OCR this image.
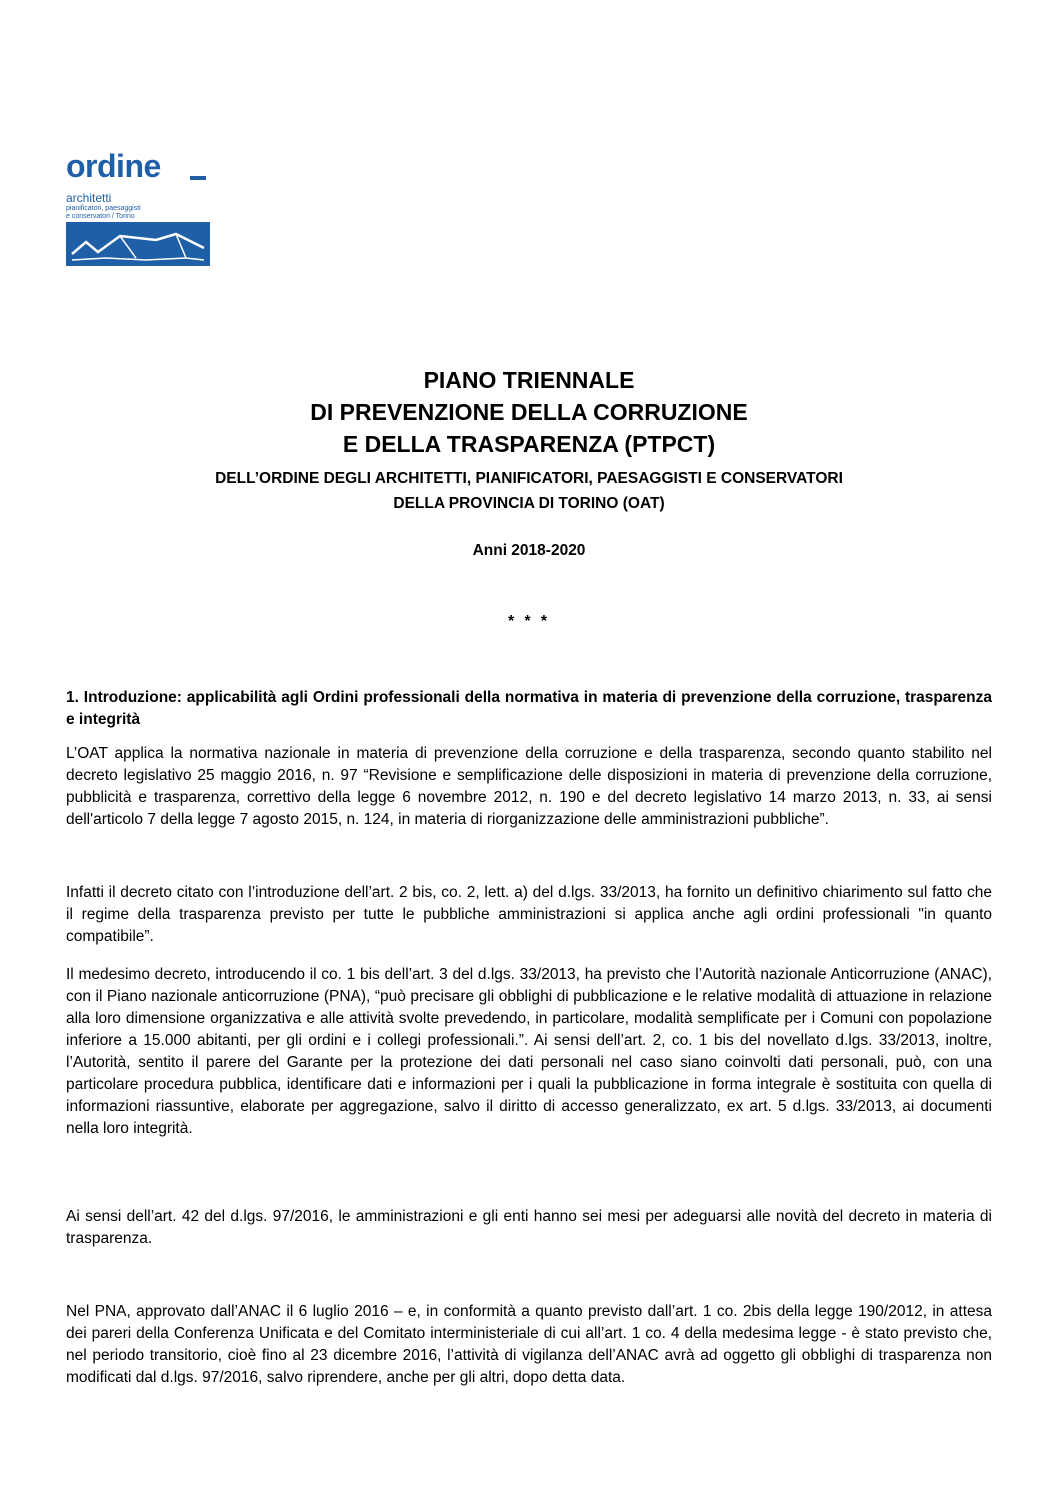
ordine
architetti
pianificatori, paesaggisti
e conservatori / Torino
PIANO TRIENNALE
DI PREVENZIONE DELLA CORRUZIONE
E DELLA TRASPARENZA (PTPCT)
DELL’ORDINE DEGLI ARCHITETTI, PIANIFICATORI, PAESAGGISTI E CONSERVATORI
DELLA PROVINCIA DI TORINO (OAT)
Anni 2018-2020
* * *
1. Introduzione: applicabilità agli Ordini professionali della normativa in materia di prevenzione della corruzione, trasparenza e integrità

L’OAT applica la normativa nazionale in materia di prevenzione della corruzione e della trasparenza, secondo quanto stabilito nel decreto legislativo 25 maggio 2016, n. 97 “Revisione e semplificazione delle disposizioni in materia di prevenzione della corruzione, pubblicità e trasparenza, correttivo della legge 6 novembre 2012, n. 190 e del decreto legislativo 14 marzo 2013, n. 33, ai sensi dell'articolo 7 della legge 7 agosto 2015, n. 124, in materia di riorganizzazione delle amministrazioni pubbliche”.

Infatti il decreto citato con l’introduzione dell’art. 2 bis, co. 2, lett. a) del d.lgs. 33/2013, ha fornito un definitivo chiarimento sul fatto che il regime della trasparenza previsto per tutte le pubbliche amministrazioni si applica anche agli ordini professionali "in quanto compatibile”.

Il medesimo decreto, introducendo il co. 1 bis dell’art. 3 del d.lgs. 33/2013, ha previsto che l’Autorità nazionale Anticorruzione (ANAC), con il Piano nazionale anticorruzione (PNA), “può precisare gli obblighi di pubblicazione e le relative modalità di attuazione in relazione alla loro dimensione organizzativa e alle attività svolte prevedendo, in particolare, modalità semplificate per i Comuni con popolazione inferiore a 15.000 abitanti, per gli ordini e i collegi professionali.”. Ai sensi dell’art. 2, co. 1 bis del novellato d.lgs. 33/2013, inoltre, l’Autorità, sentito il parere del Garante per la protezione dei dati personali nel caso siano coinvolti dati personali, può, con una particolare procedura pubblica, identificare dati e informazioni per i quali la pubblicazione in forma integrale è sostituita con quella di informazioni riassuntive, elaborate per aggregazione, salvo il diritto di accesso generalizzato, ex art. 5 d.lgs. 33/2013, ai documenti nella loro integrità.

Ai sensi dell’art. 42 del d.lgs. 97/2016, le amministrazioni e gli enti hanno sei mesi per adeguarsi alle novità del decreto in materia di trasparenza.

Nel PNA, approvato dall’ANAC il 6 luglio 2016 – e, in conformità a quanto previsto dall’art. 1 co. 2bis della legge 190/2012, in attesa dei pareri della Conferenza Unificata e del Comitato interministeriale di cui all’art. 1 co. 4 della medesima legge - è stato previsto che, nel periodo transitorio, cioè fino al 23 dicembre 2016, l’attività di vigilanza dell’ANAC avrà ad oggetto gli obblighi di trasparenza non modificati dal d.lgs. 97/2016, salvo riprendere, anche per gli altri, dopo detta data.
